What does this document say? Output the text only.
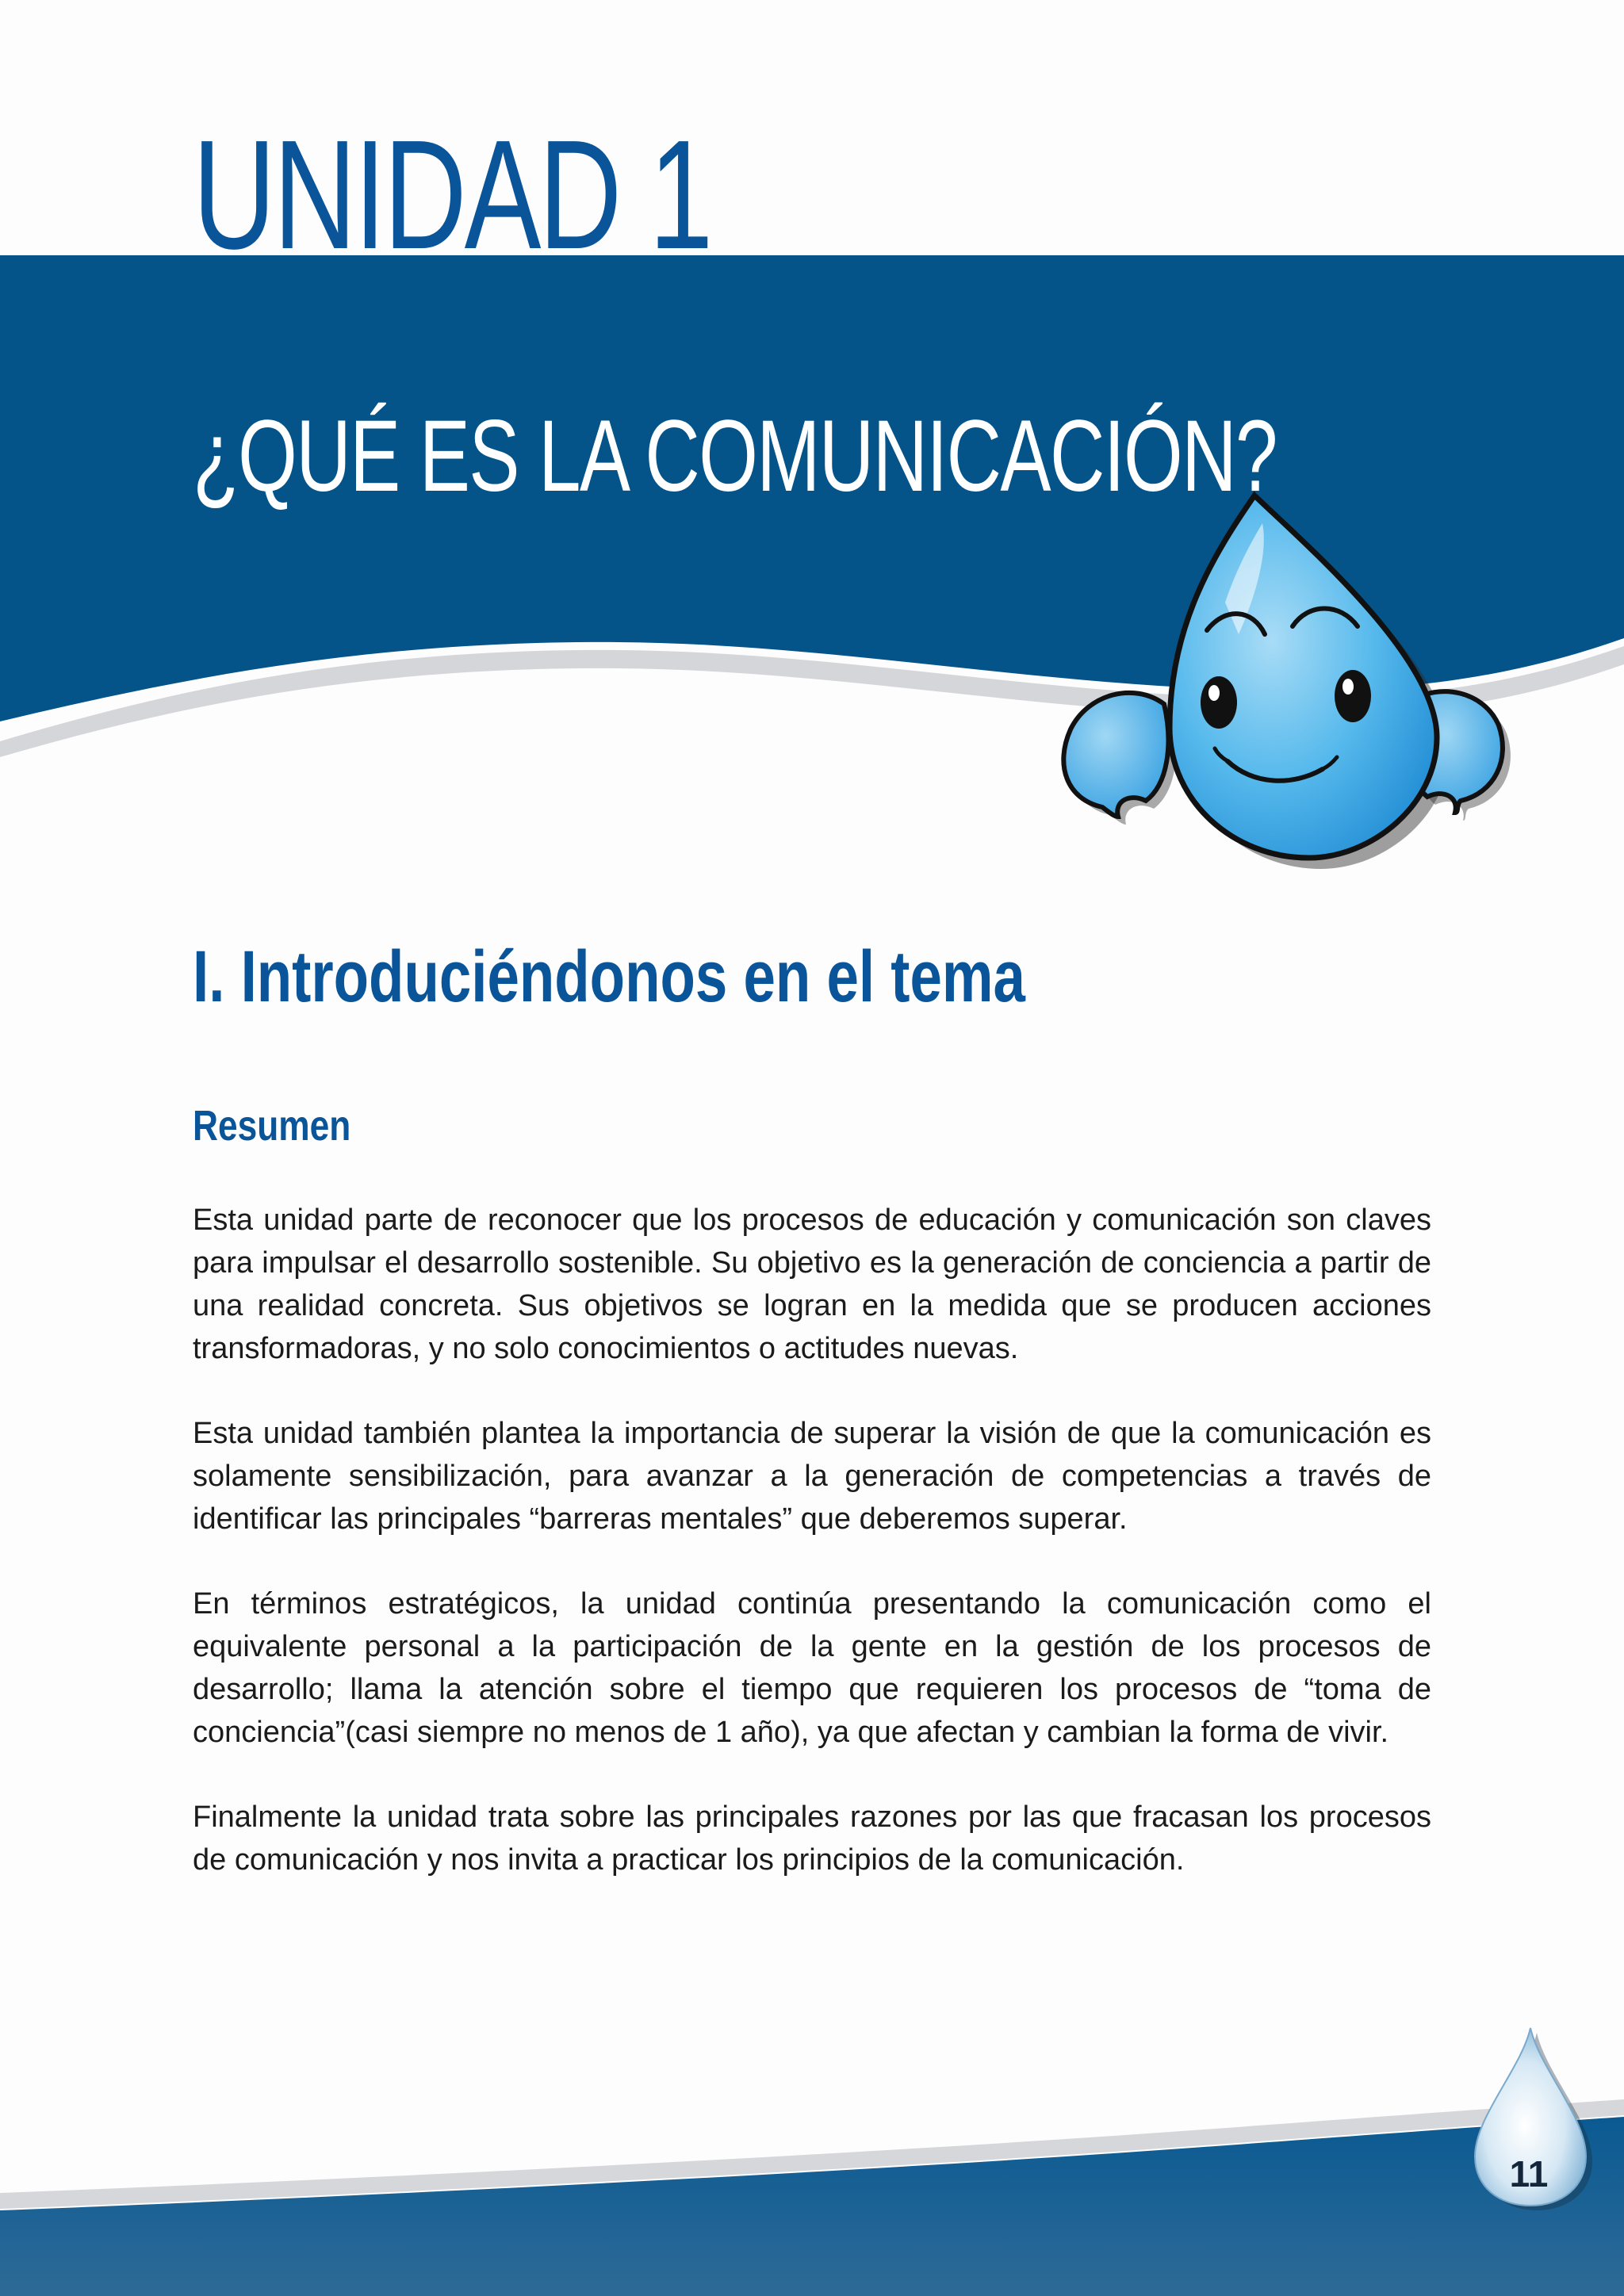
UNIDAD 1
¿QUÉ ES LA COMUNICACIÓN?
I. Introduciéndonos en el tema
Resumen

Esta unidad parte de reconocer que los procesos de educación y comunicación son claves para impulsar el desarrollo sostenible. Su objetivo es la generación de conciencia a partir de una realidad concreta. Sus objetivos se logran en la medida que se producen acciones transformadoras, y no solo conocimientos o actitudes nuevas.

Esta unidad también plantea la importancia de superar la visión de que la comunicación es solamente sensibilización, para avanzar a la generación de competencias a través de identificar las principales “barreras mentales” que deberemos superar.

En términos estratégicos, la unidad continúa presentando la comunicación como el equivalente personal a la participación de la gente en la gestión de los procesos de desarrollo; llama la atención sobre el tiempo que requieren los procesos de “toma de conciencia”(casi siempre no menos de 1 año), ya que afectan y cambian la forma de vivir.

Finalmente la unidad trata sobre las principales razones por las que fracasan los procesos de comunicación y nos invita a practicar los principios de la comunicación.

11
